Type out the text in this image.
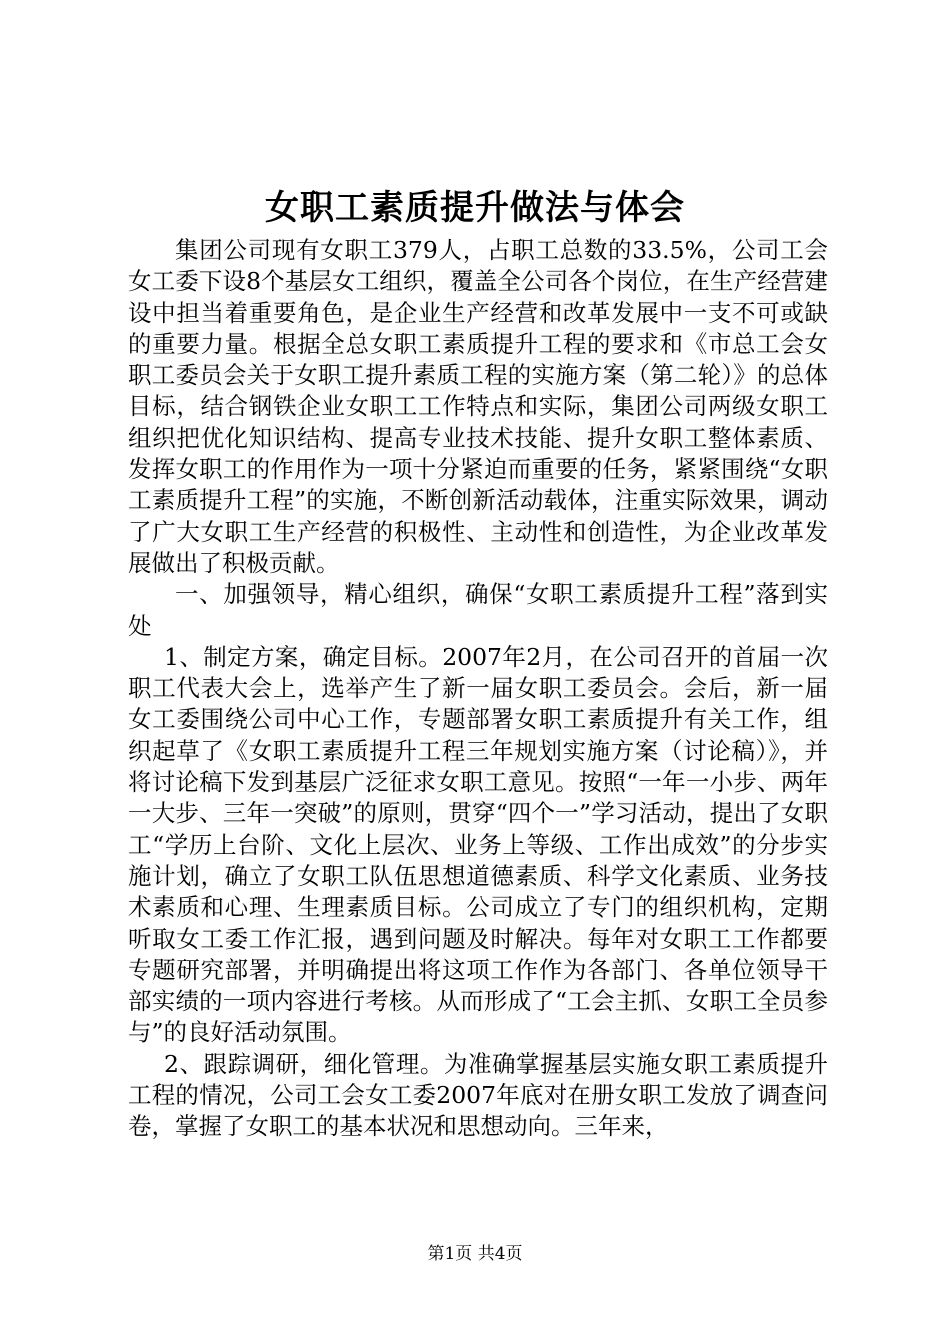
女职工素质提升做法与体会

集团公司现有女职工379人，占职工总数的33.5%，公司工会女工委下设8个基层女工组织，覆盖全公司各个岗位，在生产经营建设中担当着重要角色，是企业生产经营和改革发展中一支不可或缺的重要力量。根据全总女职工素质提升工程的要求和《市总工会女职工委员会关于女职工提升素质工程的实施方案（第二轮）》的总体目标，结合钢铁企业女职工工作特点和实际，集团公司两级女职工组织把优化知识结构、提高专业技术技能、提升女职工整体素质、发挥女职工的作用作为一项十分紧迫而重要的任务，紧紧围绕“女职工素质提升工程”的实施，不断创新活动载体，注重实际效果，调动了广大女职工生产经营的积极性、主动性和创造性，为企业改革发展做出了积极贡献。

一、加强领导，精心组织，确保“女职工素质提升工程”落到实处

1、制定方案，确定目标。2007年2月，在公司召开的首届一次职工代表大会上，选举产生了新一届女职工委员会。会后，新一届女工委围绕公司中心工作，专题部署女职工素质提升有关工作，组织起草了《女职工素质提升工程三年规划实施方案（讨论稿）》，并将讨论稿下发到基层广泛征求女职工意见。按照“一年一小步、两年一大步、三年一突破”的原则，贯穿“四个一”学习活动，提出了女职工“学历上台阶、文化上层次、业务上等级、工作出成效”的分步实施计划，确立了女职工队伍思想道德素质、科学文化素质、业务技术素质和心理、生理素质目标。公司成立了专门的组织机构，定期听取女工委工作汇报，遇到问题及时解决。每年对女职工工作都要专题研究部署，并明确提出将这项工作作为各部门、各单位领导干部实绩的一项内容进行考核。从而形成了“工会主抓、女职工全员参与”的良好活动氛围。

2、跟踪调研，细化管理。为准确掌握基层实施女职工素质提升工程的情况，公司工会女工委2007年底对在册女职工发放了调查问卷，掌握了女职工的基本状况和思想动向。三年来，

第1页 共4页
